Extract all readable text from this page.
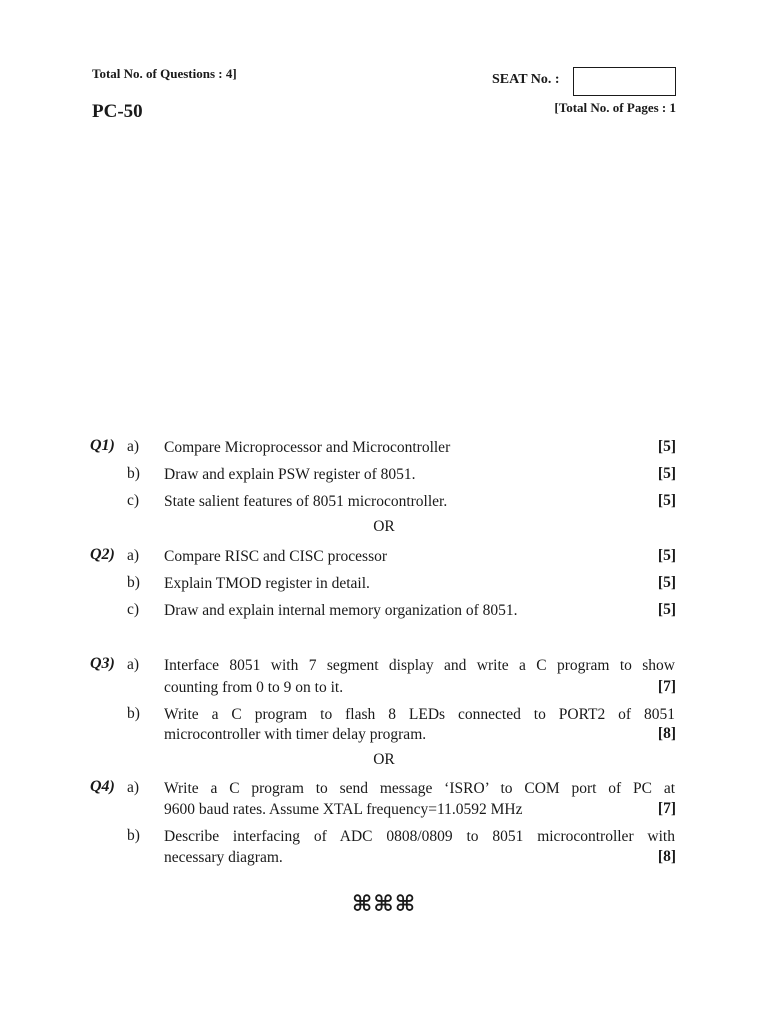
Total No. of Questions : 4]
PC-50
SEAT No. :
[Total No. of Pages : 1
Q1) a) Compare Microprocessor and Microcontroller	[5]
b) Draw and explain PSW register of 8051.	[5]
c) State salient features of 8051 microcontroller.	[5]
OR
Q2) a) Compare RISC and CISC processor	[5]
b) Explain TMOD register in detail.	[5]
c) Draw and explain internal memory organization of 8051.	[5]
Q3) a) Interface 8051 with 7 segment display and write a C program to show
counting from 0 to 9 on to it.	[7]
b) Write a C program to flash 8 LEDs connected to PORT2 of 8051
microcontroller with timer delay program.	[8]
OR
Q4) a) Write a C program to send message ‘ISRO’ to COM port of PC at
9600 baud rates. Assume XTAL frequency=11.0592 MHz	[7]
b) Describe interfacing of ADC 0808/0809 to 8051 microcontroller with
necessary diagram.	[8]
⌘⌘⌘
